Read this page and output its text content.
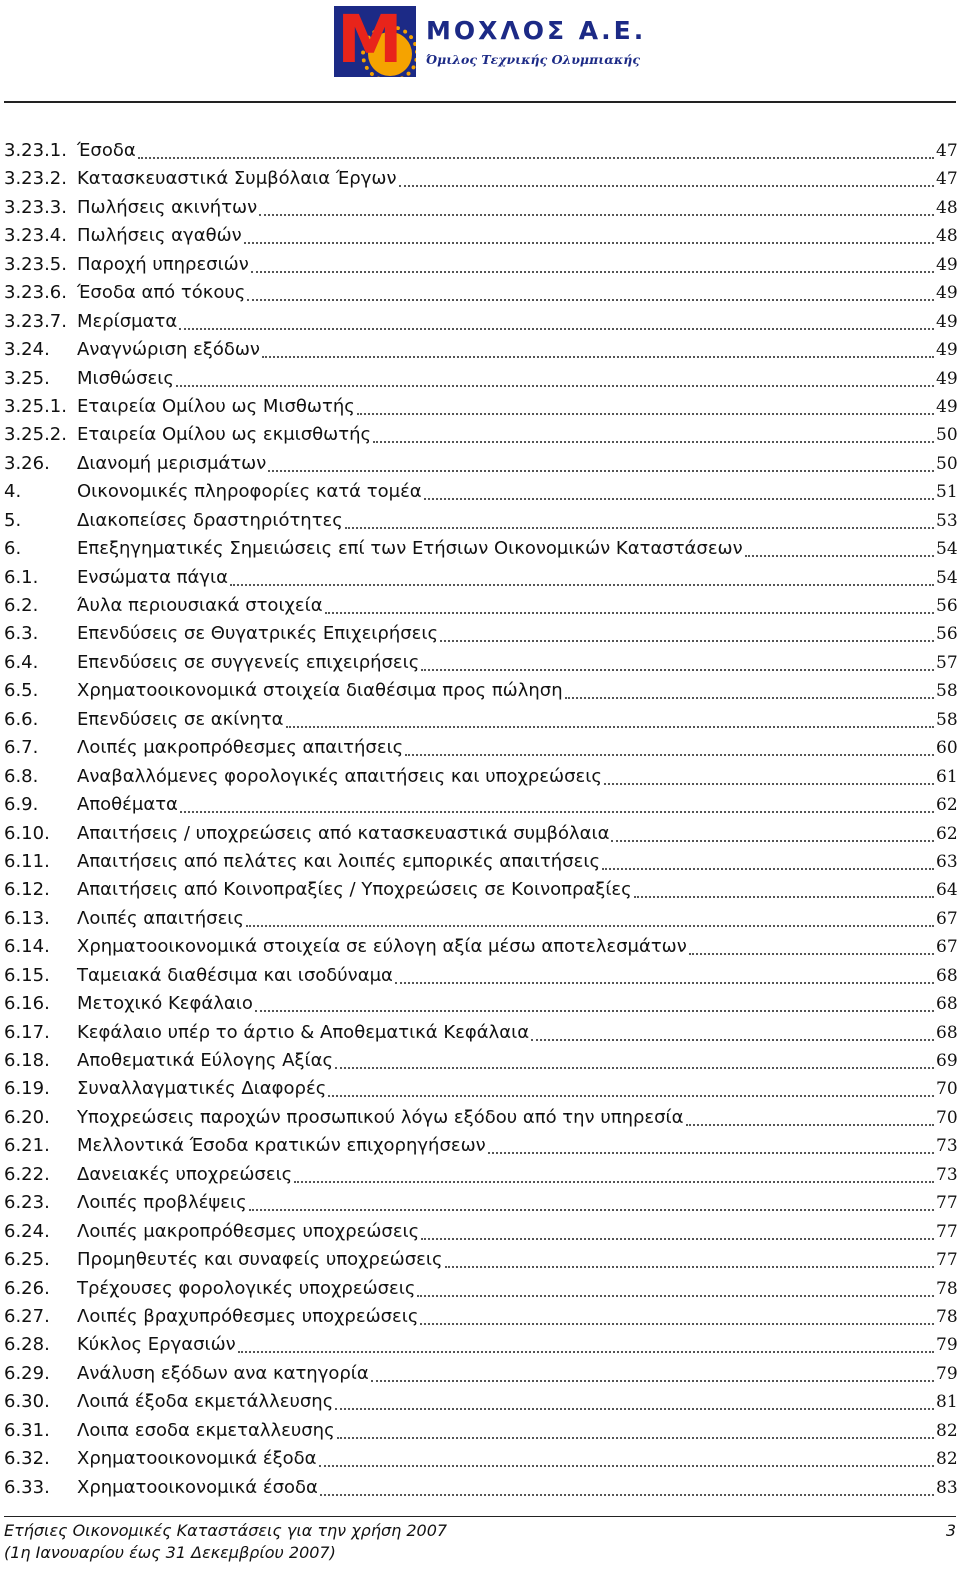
M ΜΟΧΛΟΣ Α.Ε.
Όμιλος Τεχνικής Ολυμπιακής
3.23.1. Έσοδα	47
3.23.2. Κατασκευαστικά Συμβόλαια Έργων	47
3.23.3. Πωλήσεις ακινήτων	48
3.23.4. Πωλήσεις αγαθών	48
3.23.5. Παροχή υπηρεσιών	49
3.23.6. Έσοδα από τόκους	49
3.23.7. Μερίσματα	49
3.24.	Αναγνώριση εξόδων	49
3.25.	Μισθώσεις	49
3.25.1. Εταιρεία Ομίλου ως Μισθωτής	49
3.25.2. Εταιρεία Ομίλου ως εκμισθωτής	50
3.26.	Διανομή μερισμάτων	50
4.	Οικονομικές πληροφορίες κατά τομέα	51
5.	Διακοπείσες δραστηριότητες	53
6.	Επεξηγηματικές Σημειώσεις επί των Ετήσιων Οικονομικών Καταστάσεων	54
6.1.	Ενσώματα πάγια	54
6.2.	Άυλα περιουσιακά στοιχεία	56
6.3.	Επενδύσεις σε Θυγατρικές Επιχειρήσεις	56
6.4.	Επενδύσεις σε συγγενείς επιχειρήσεις	57
6.5.	Χρηματοοικονομικά στοιχεία διαθέσιμα προς πώληση	58
6.6.	Επενδύσεις σε ακίνητα	58
6.7.	Λοιπές μακροπρόθεσμες απαιτήσεις	60
6.8.	Αναβαλλόμενες φορολογικές απαιτήσεις και υποχρεώσεις	61
6.9.	Αποθέματα	62
6.10.	Απαιτήσεις / υποχρεώσεις από κατασκευαστικά συμβόλαια	62
6.11.	Απαιτήσεις από πελάτες και λοιπές εμπορικές απαιτήσεις	63
6.12.	Απαιτήσεις από Κοινοπραξίες / Υποχρεώσεις σε Κοινοπραξίες	64
6.13.	Λοιπές απαιτήσεις	67
6.14.	Χρηματοοικονομικά στοιχεία σε εύλογη αξία μέσω αποτελεσμάτων	67
6.15.	Ταμειακά διαθέσιμα και ισοδύναμα	68
6.16.	Μετοχικό Κεφάλαιο	68
6.17.	Κεφάλαιο υπέρ το άρτιο & Αποθεματικά Κεφάλαια	68
6.18.	Αποθεματικά Εύλογης Αξίας	69
6.19.	Συναλλαγματικές Διαφορές	70
6.20.	Υποχρεώσεις παροχών προσωπικού λόγω εξόδου από την υπηρεσία	70
6.21.	Μελλοντικά Έσοδα κρατικών επιχορηγήσεων	73
6.22.	Δανειακές υποχρεώσεις	73
6.23.	Λοιπές προβλέψεις	77
6.24.	Λοιπές μακροπρόθεσμες υποχρεώσεις	77
6.25.	Προμηθευτές και συναφείς υποχρεώσεις	77
6.26.	Τρέχουσες φορολογικές υποχρεώσεις	78
6.27.	Λοιπές βραχυπρόθεσμες υποχρεώσεις	78
6.28.	Κύκλος Εργασιών	79
6.29.	Ανάλυση εξόδων ανα κατηγορία	79
6.30.	Λοιπά έξοδα εκμετάλλευσης	81
6.31.	Λοιπα εσοδα εκμεταλλευσης	82
6.32.	Χρηματοοικονομικά έξοδα	82
6.33.	Χρηματοοικονομικά έσοδα	83
Ετήσιες Οικονομικές Καταστάσεις για την χρήση 2007	3
(1η Ιανουαρίου έως 31 Δεκεμβρίου 2007)
